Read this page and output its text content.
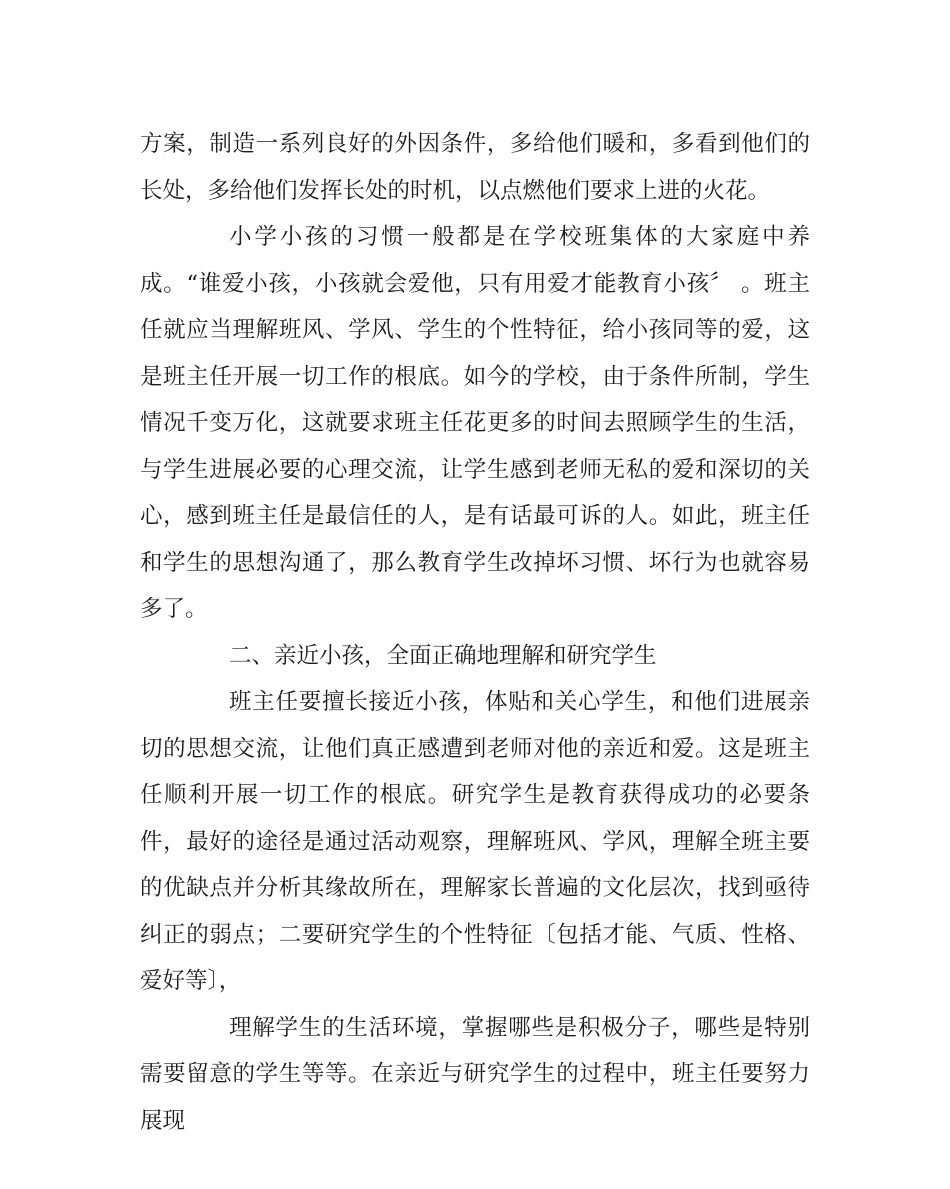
方案，制造一系列良好的外因条件，多给他们暖和，多看到他们的长处，多给他们发挥长处的时机，以点燃他们要求上进的火花。

小学小孩的习惯一般都是在学校班集体的大家庭中养成。“谁爱小孩，小孩就会爱他，只有用爱才能教育小孩〞 。班主任就应当理解班风、学风、学生的个性特征，给小孩同等的爱，这是班主任开展一切工作的根底。如今的学校，由于条件所制，学生情况千变万化，这就要求班主任花更多的时间去照顾学生的生活，与学生进展必要的心理交流，让学生感到老师无私的爱和深切的关心，感到班主任是最信任的人，是有话最可诉的人。如此，班主任和学生的思想沟通了，那么教育学生改掉坏习惯、坏行为也就容易多了。

二、亲近小孩，全面正确地理解和研究学生

班主任要擅长接近小孩，体贴和关心学生，和他们进展亲切的思想交流，让他们真正感遭到老师对他的亲近和爱。这是班主任顺利开展一切工作的根底。研究学生是教育获得成功的必要条件，最好的途径是通过活动观察，理解班风、学风，理解全班主要的优缺点并分析其缘故所在，理解家长普遍的文化层次，找到亟待纠正的弱点；二要研究学生的个性特征〔包括才能、气质、性格、爱好等〕，

理解学生的生活环境，掌握哪些是积极分子，哪些是特别需要留意的学生等等。在亲近与研究学生的过程中，班主任要努力展现
